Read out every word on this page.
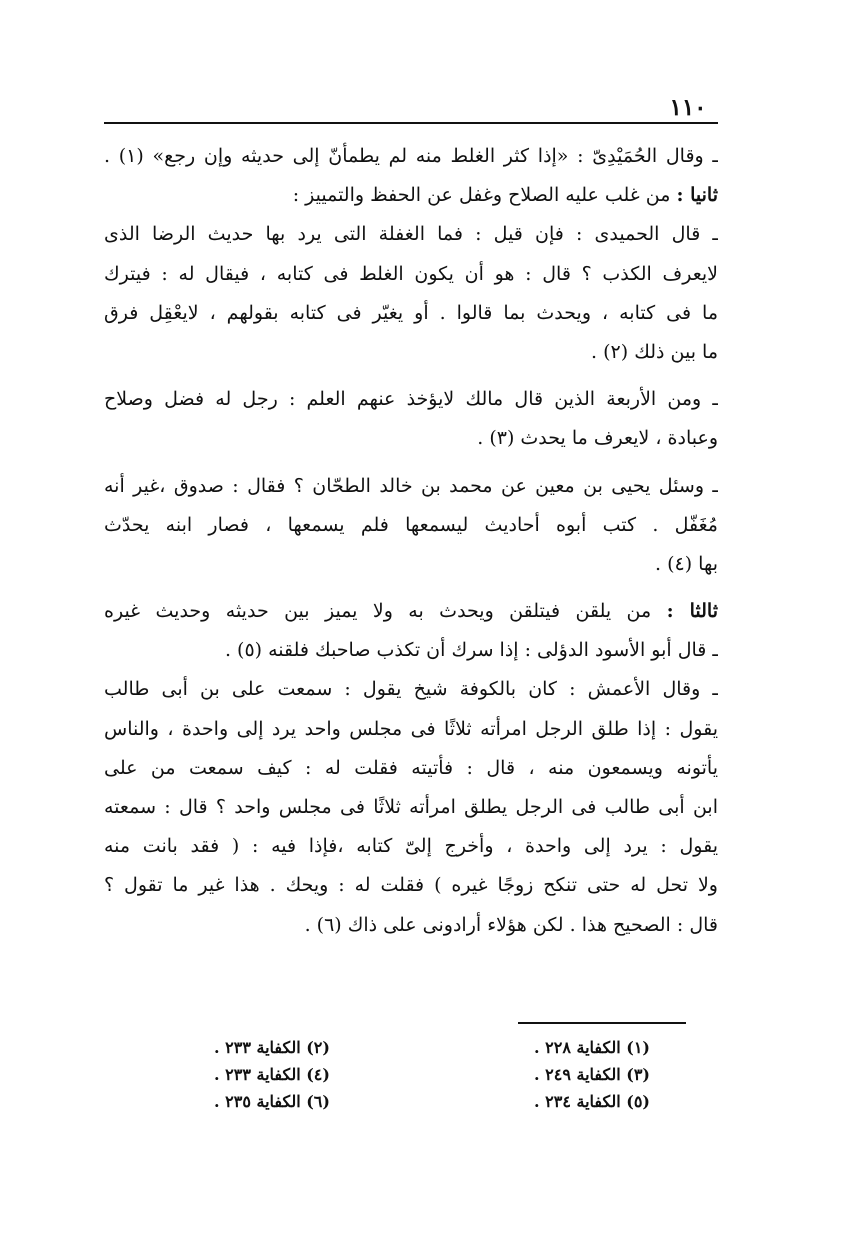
١١٠
ـ وقال الحُمَيْدِىّ : «إذا كثر الغلط منه لم يطمأنّ إلى حديثه وإن رجع» (١) .
ثانيا : من غلب عليه الصلاح وغفل عن الحفظ والتمييز :
ـ قال الحميدى : فإن قيل : فما الغفلة التى يرد بها حديث الرضا الذى
لايعرف الكذب ؟ قال : هو أن يكون الغلط فى كتابه ، فيقال له : فيترك
ما فى كتابه ، ويحدث بما قالوا . أو يغيّر فى كتابه بقولهم ، لايعْقِل فرق
ما بين ذلك (٢) .
ـ ومن الأربعة الذين قال مالك لايؤخذ عنهم العلم : رجل له فضل وصلاح
وعبادة ، لايعرف ما يحدث (٣) .
ـ وسئل يحيى بن معين عن محمد بن خالد الطحّان ؟ فقال : صدوق ،غير أنه
مُغَفّل . كتب أبوه أحاديث ليسمعها فلم يسمعها ، فصار ابنه يحدّث
بها (٤) .
ثالثا : من يلقن فيتلقن ويحدث به ولا يميز بين حديثه وحديث غيره
ـ قال أبو الأسود الدؤلى : إذا سرك أن تكذب صاحبك فلقنه (٥) .
ـ وقال الأعمش : كان بالكوفة شيخ يقول : سمعت على بن أبى طالب
يقول : إذا طلق الرجل امرأته ثلاثًا فى مجلس واحد يرد إلى واحدة ، والناس
يأتونه ويسمعون منه ، قال : فأتيته فقلت له : كيف سمعت من على
ابن أبى طالب فى الرجل يطلق امرأته ثلاثًا فى مجلس واحد ؟ قال : سمعته
يقول : يرد إلى واحدة ، وأخرج إلىّ كتابه ،فإذا فيه : ( فقد بانت منه
ولا تحل له حتى تنكح زوجًا غيره ) فقلت له : ويحك . هذا غير ما تقول ؟
قال : الصحيح هذا . لكن هؤلاء أرادونى على ذاك (٦) .
(١) الكفاية ٢٢٨ .
(٢) الكفاية ٢٣٣ .
(٣) الكفاية ٢٤٩ .
(٤) الكفاية ٢٣٣ .
(٥) الكفاية ٢٣٤ .
(٦) الكفاية ٢٣٥ .
